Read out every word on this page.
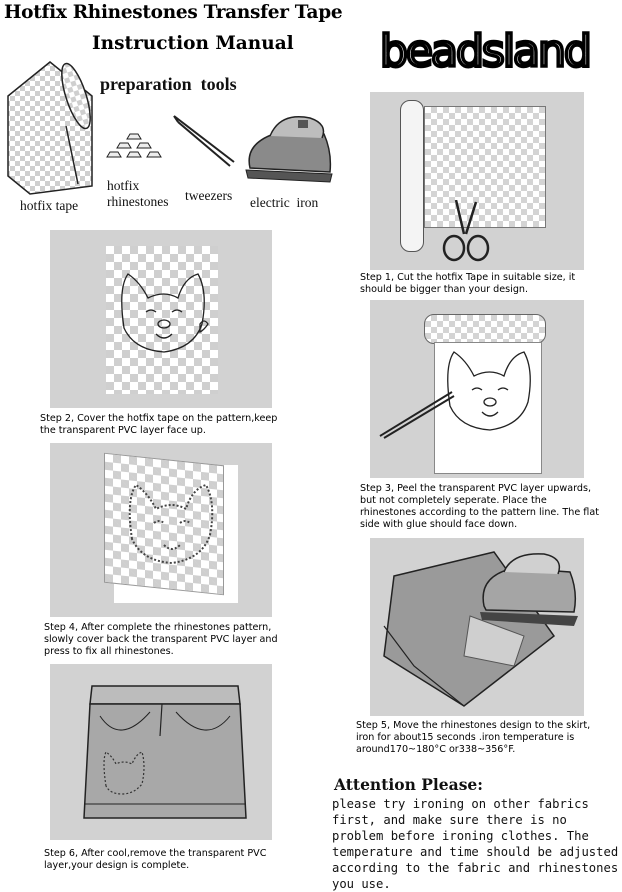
Hotfix Rhinestones Transfer Tape
Instruction Manual beadsland
preparation  tools
hotfix tape
hotfix
rhinestones tweezers electric  iron
Step 1, Cut the hotfix Tape in suitable size, it should be bigger than your design.
Step 2, Cover the hotfix tape on the pattern,keep the transparent PVC layer face up.
Step 3, Peel the transparent PVC layer upwards, but not completely seperate. Place the rhinestones according to the pattern line. The flat side with glue should face down.
Step 4, After complete the rhinestones pattern, slowly cover back the transparent PVC layer and press to fix all rhinestones.
Step 5, Move the rhinestones design to the skirt, iron for about15 seconds .iron temperature is around170~180°C or338~356°F.
Step 6, After cool,remove the transparent PVC layer,your design is complete.
Attention Please:
please try ironing on other fabrics first, and make sure there is no problem before ironing clothes. The temperature and time should be adjusted according to the fabric and rhinestones you use.
